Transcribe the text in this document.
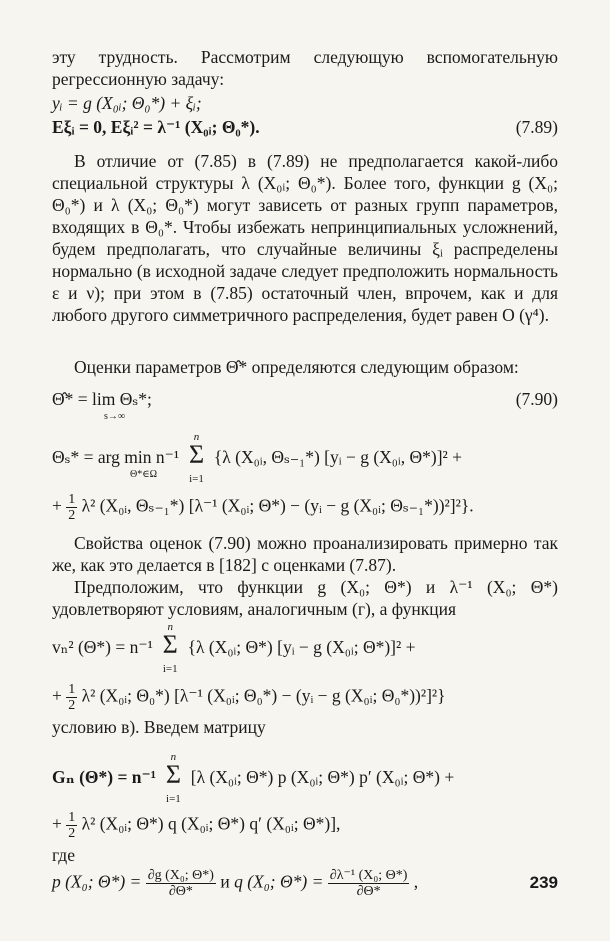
эту трудность. Рассмотрим следующую вспомогательную регрессионную задачу:
yᵢ = g (X₀ᵢ; Θ₀*) + ξᵢ;
Eξᵢ = 0, Eξᵢ² = λ⁻¹ (X₀ᵢ; Θ₀*).	(7.89)
В отличие от (7.85) в (7.89) не предполагается какой-либо специальной структуры λ (X₀ᵢ; Θ₀*). Более того, функции g (X₀; Θ₀*) и λ (X₀; Θ₀*) могут зависеть от разных групп параметров, входящих в Θ₀*. Чтобы избежать непринципиальных усложнений, будем предполагать, что случайные величины ξᵢ распределены нормально (в исходной задаче следует предположить нормальность ε и ν); при этом в (7.85) остаточный член, впрочем, как и для любого другого симметричного распределения, будет равен O (γ⁴).
Оценки параметров Θ̂* определяются следующим образом:
Θ̂* = lim Θₛ*;
s→∞
(7.90)
Θₛ* = arg min n⁻¹
Θ*∈Ω

n
Σ
i=1
{λ (X₀ᵢ, Θₛ₋₁*) [yᵢ − g (X₀ᵢ, Θ*)]² +
+ $\frac{1}{2} \lambda^2$ (X₀ᵢ, Θₛ₋₁*) [λ⁻¹ (X₀ᵢ; Θ*) − (yᵢ − g (X₀ᵢ; Θₛ₋₁*))²]²}.
Свойства оценок (7.90) можно проанализировать примерно так же, как это делается в [182] с оценками (7.87).
Предположим, что функции g (X₀; Θ*) и λ⁻¹ (X₀; Θ*) удовлетворяют условиям, аналогичным (г), а функция
vₙ² (Θ*) = n⁻¹
n
Σ
i=1
{λ (X₀ᵢ; Θ*) [yᵢ − g (X₀ᵢ; Θ*)]² +
+ $\frac{1}{2} \lambda^2$ (X₀ᵢ; Θ₀*) [λ⁻¹ (X₀ᵢ; Θ₀*) − (yᵢ − g (X₀ᵢ; Θ₀*))²]²}
условию в). Введем матрицу
Gₙ (Θ*) = n⁻¹
n
Σ
i=1
[λ (X₀ᵢ; Θ*) p (X₀ᵢ; Θ*) p′ (X₀ᵢ; Θ*) +
+ $\frac{1}{2} \lambda^2$ (X₀ᵢ; Θ*) q (X₀ᵢ; Θ*) q′ (X₀ᵢ; Θ*)],
где
p (X₀; $\Theta*) = \frac{\text{∂g (X₀; Θ*)}}{\partial\Theta*}$ и q (X₀; $\Theta*) = \frac{\text{∂λ⁻¹ (X₀; Θ*)}}{\partial\Theta*}$ ,	239
